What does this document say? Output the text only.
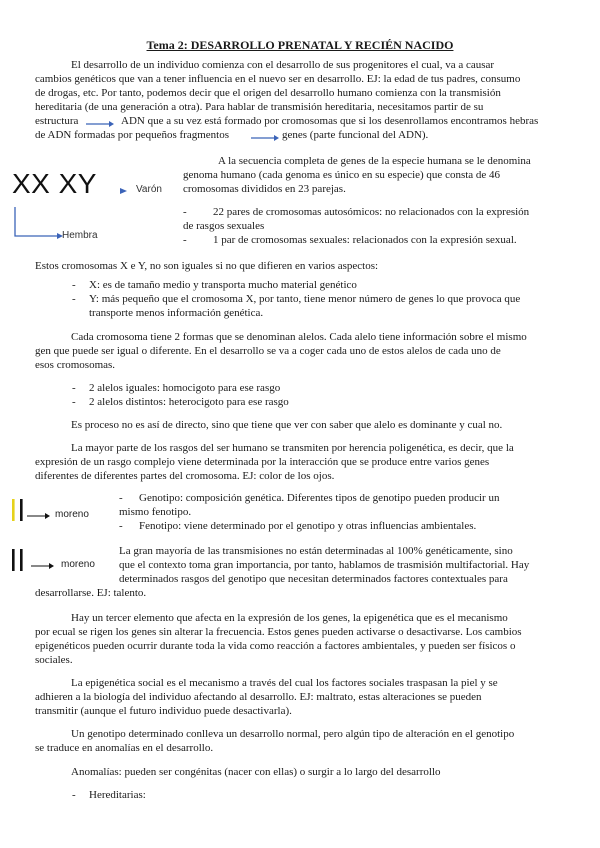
Tema 2: DESARROLLO PRENATAL Y RECIÉN NACIDO
El desarrollo de un individuo comienza con el desarrollo de sus progenitores el cual, va a causar
cambios genéticos que van a tener influencia en el nuevo ser en desarrollo. EJ: la edad de tus padres, consumo
de drogas, etc. Por tanto, podemos decir que el origen del desarrollo humano comienza con la transmisión
hereditaria (de una generación a otra). Para hablar de transmisión hereditaria, necesitamos partir de su
estructura	ADN que a su vez está formado por cromosomas que si los desenrollamos encontramos hebras
de ADN formadas por pequeños fragmentos	genes (parte funcional del ADN).
XX XY	Varón
Hembra
A la secuencia completa de genes de la especie humana se le denomina
genoma humano (cada genoma es único en su especie) que consta de 46
cromosomas divididos en 23 parejas.
- 22 pares de cromosomas autosómicos: no relacionados con la expresión
de rasgos sexuales
- 1 par de cromosomas sexuales: relacionados con la expresión sexual.
Estos cromosomas X e Y, no son iguales si no que difieren en varios aspectos:
- X: es de tamaño medio y transporta mucho material genético
- Y: más pequeño que el cromosoma X, por tanto, tiene menor número de genes lo que provoca que
transporte menos información genética.
Cada cromosoma tiene 2 formas que se denominan alelos. Cada alelo tiene información sobre el mismo
gen que puede ser igual o diferente. En el desarrollo se va a coger cada uno de estos alelos de cada uno de
esos cromosomas.
- 2 alelos iguales: homocigoto para ese rasgo
- 2 alelos distintos: heterocigoto para ese rasgo
Es proceso no es así de directo, sino que tiene que ver con saber que alelo es dominante y cual no.
La mayor parte de los rasgos del ser humano se transmiten por herencia poligenética, es decir, que la
expresión de un rasgo complejo viene determinada por la interacción que se produce entre varios genes
diferentes de diferentes partes del cromosoma. EJ: color de los ojos.
moreno
moreno
- Genotipo: composición genética. Diferentes tipos de genotipo pueden producir un
mismo fenotipo.
- Fenotipo: viene determinado por el genotipo y otras influencias ambientales.
La gran mayoría de las transmisiones no están determinadas al 100% genéticamente, sino
que el contexto toma gran importancia, por tanto, hablamos de trasmisión multifactorial. Hay
determinados rasgos del genotipo que necesitan determinados factores contextuales para
desarrollarse. EJ: talento.
Hay un tercer elemento que afecta en la expresión de los genes, la epigenética que es el mecanismo
por ecual se rigen los genes sin alterar la frecuencia. Estos genes pueden activarse o desactivarse. Los cambios
epigenéticos pueden ocurrir durante toda la vida como reacción a factores ambientales, y pueden ser físicos o
sociales.
La epigenética social es el mecanismo a través del cual los factores sociales traspasan la piel y se
adhieren a la biología del individuo afectando al desarrollo. EJ: maltrato, estas alteraciones se pueden
transmitir (aunque el futuro individuo puede desactivarla).
Un genotipo determinado conlleva un desarrollo normal, pero algún tipo de alteración en el genotipo
se traduce en anomalías en el desarrollo.
Anomalías: pueden ser congénitas (nacer con ellas) o surgir a lo largo del desarrollo
- Hereditarias:
